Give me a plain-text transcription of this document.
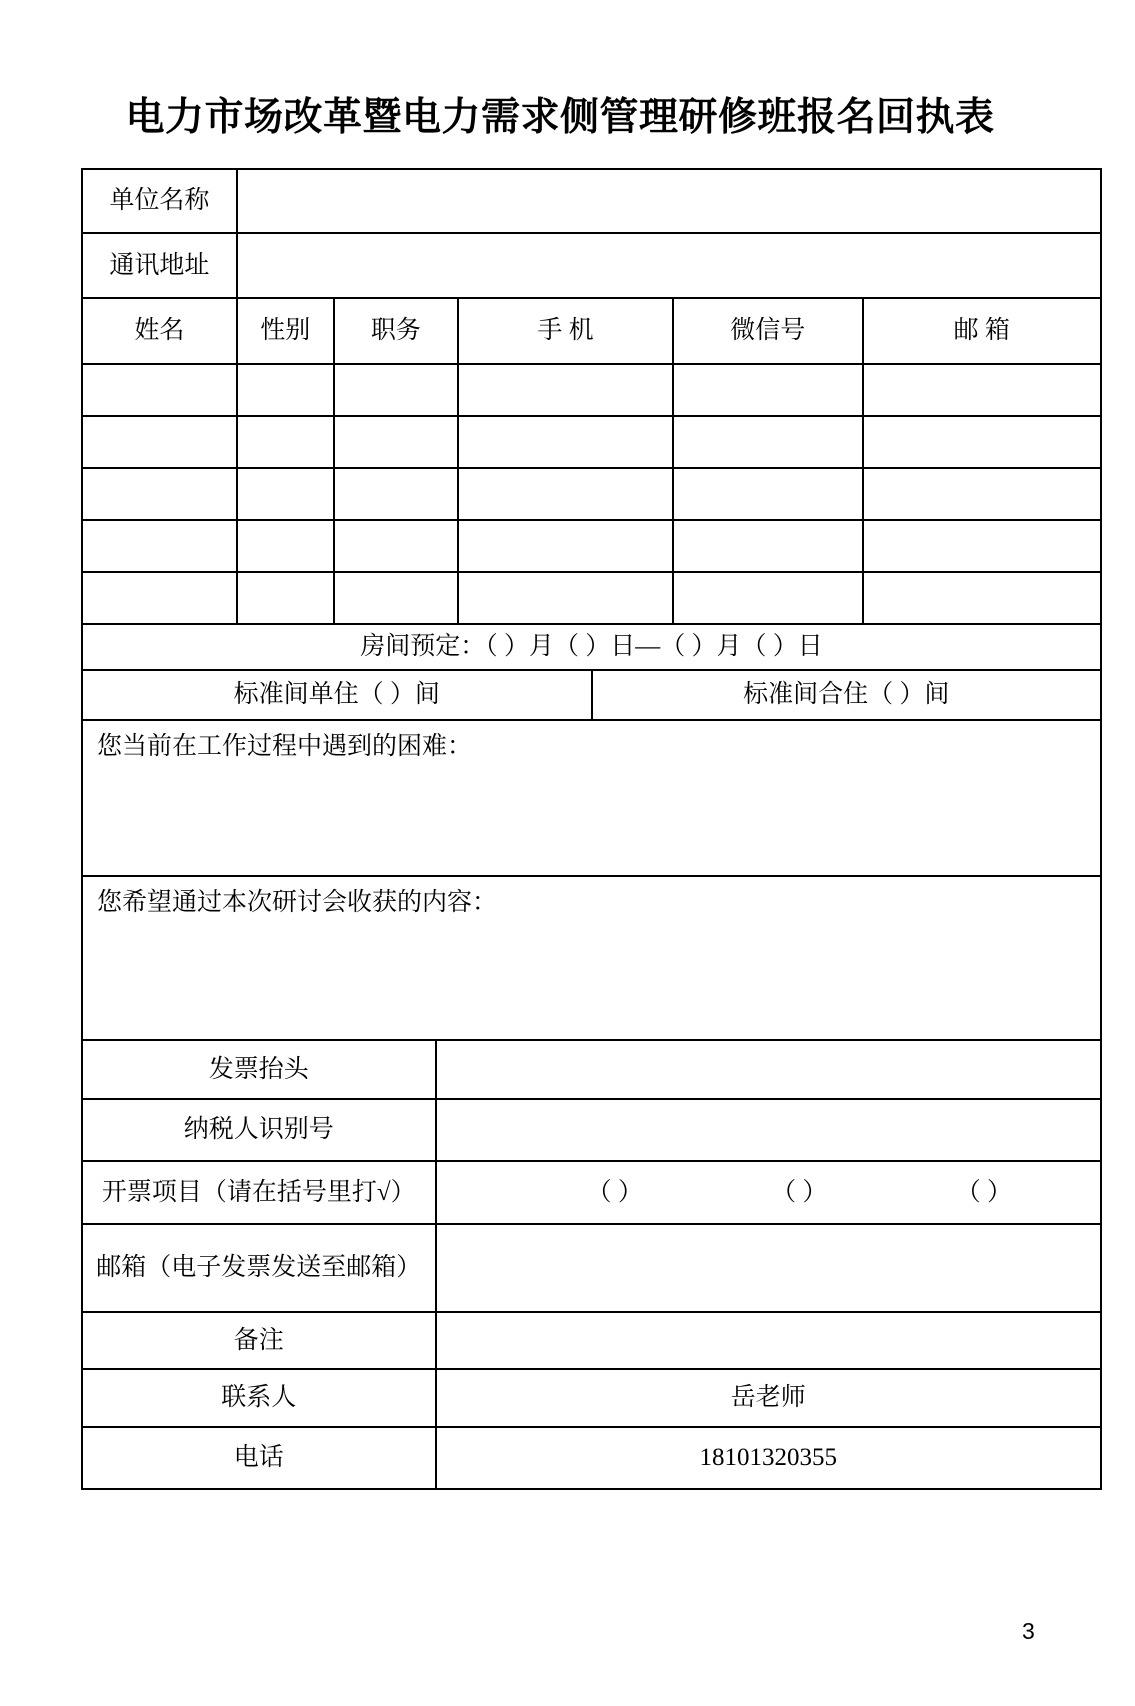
电力市场改革暨电力需求侧管理研修班报名回执表
单位名称
通讯地址
姓名	性别	职务	手 机	微信号	邮 箱
房间预定：（ ）月（ ）日—（ ）月（ ）日
标准间单住（ ）间	标准间合住（ ）间
您当前在工作过程中遇到的困难：
您希望通过本次研讨会收获的内容：
发票抬头
纳税人识别号
开票项目（请在括号里打√）	（ ）	（ ）	（ ）
邮箱（电子发票发送至邮箱）
备注
联系人	岳老师
电话	18101320355
3
